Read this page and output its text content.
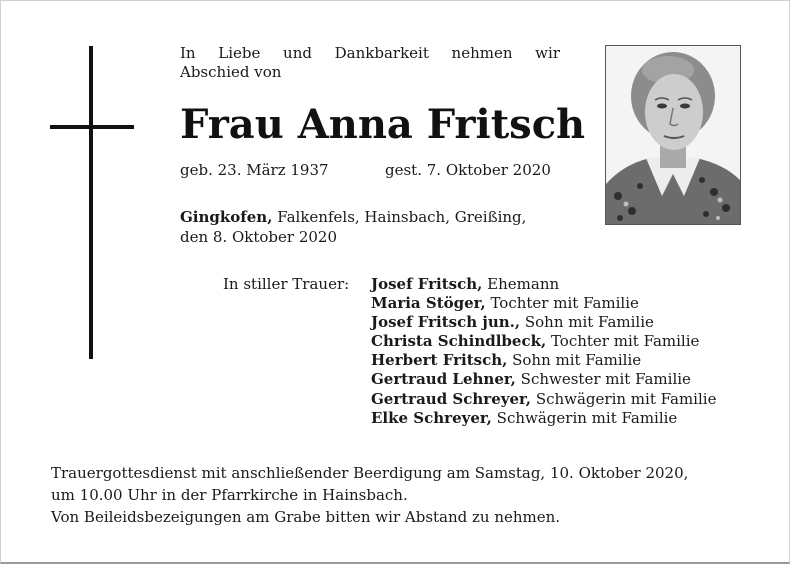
In Liebe und Dankbarkeit nehmen wir
Abschied von
Frau Anna Fritsch
geb. 23. März 1937	gest. 7. Oktober 2020
Gingkofen, Falkenfels, Hainsbach, Greißing,
den 8. Oktober 2020
In stiller Trauer: Josef Fritsch, Ehemann
Maria Stöger, Tochter mit Familie
Josef Fritsch jun., Sohn mit Familie
Christa Schindlbeck, Tochter mit Familie
Herbert Fritsch, Sohn mit Familie
Gertraud Lehner, Schwester mit Familie
Gertraud Schreyer, Schwägerin mit Familie
Elke Schreyer, Schwägerin mit Familie
Trauergottesdienst mit anschließender Beerdigung am Samstag, 10. Oktober 2020,
um 10.00 Uhr in der Pfarrkirche in Hainsbach.
Von Beileidsbezeigungen am Grabe bitten wir Abstand zu nehmen.
